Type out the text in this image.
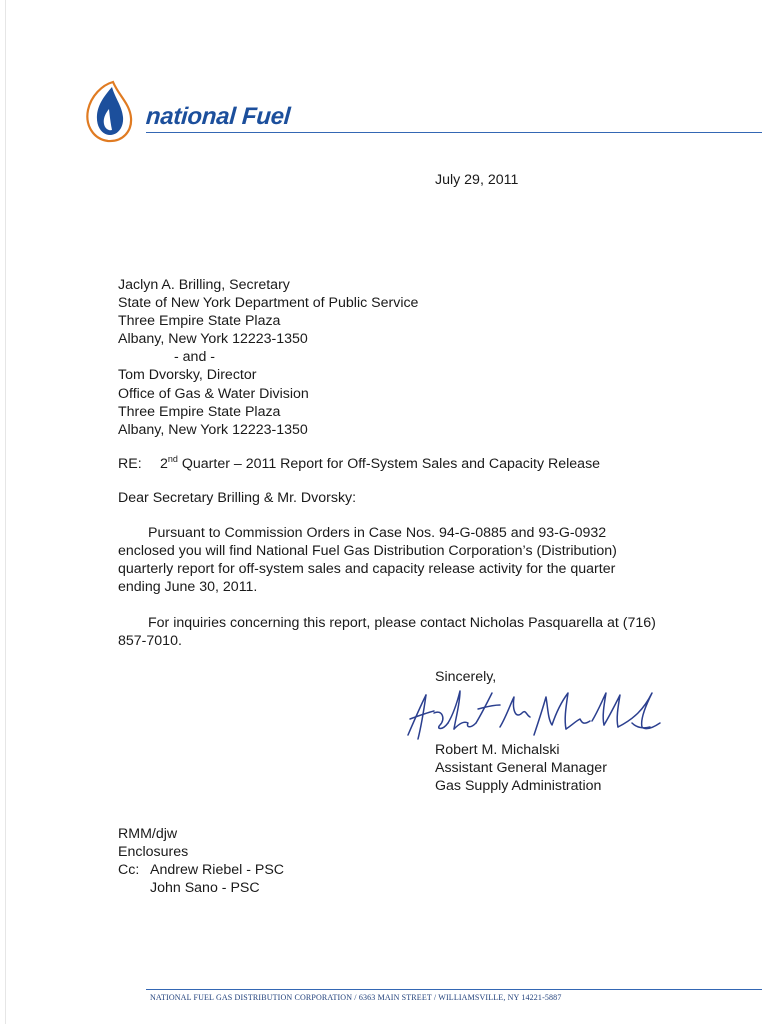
national Fuel
July 29, 2011
Jaclyn A. Brilling, Secretary
State of New York Department of Public Service
Three Empire State Plaza
Albany, New York 12223-1350
- and -
Tom Dvorsky, Director
Office of Gas & Water Division
Three Empire State Plaza
Albany, New York 12223-1350
RE: 2nd Quarter – 2011 Report for Off-System Sales and Capacity Release
Dear Secretary Brilling & Mr. Dvorsky:
Pursuant to Commission Orders in Case Nos. 94-G-0885 and 93-G-0932 enclosed you will find National Fuel Gas Distribution Corporation’s (Distribution) quarterly report for off-system sales and capacity release activity for the quarter ending June 30, 2011.
For inquiries concerning this report, please contact Nicholas Pasquarella at (716) 857-7010.
Sincerely,
Robert M. Michalski
Assistant General Manager
Gas Supply Administration
RMM/djw
Enclosures
Cc: Andrew Riebel - PSC
John Sano - PSC
NATIONAL FUEL GAS DISTRIBUTION CORPORATION / 6363 MAIN STREET / WILLIAMSVILLE, NY 14221-5887
